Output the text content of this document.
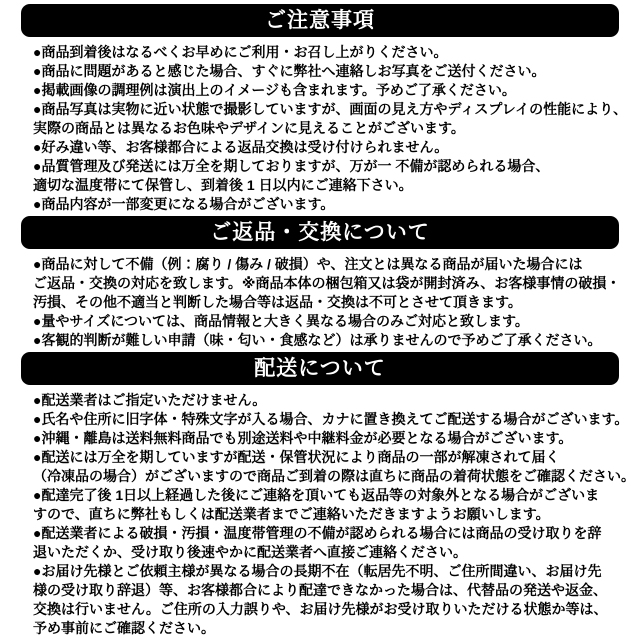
ご注意事項
●商品到着後はなるべくお早めにご利用・お召し上がりください。
●商品に問題があると感じた場合、すぐに弊社へ連絡しお写真をご送付ください。
●掲載画像の調理例は演出上のイメージも含まれます。予めご了承ください。
●商品写真は実物に近い状態で撮影していますが、画面の見え方やディスプレイの性能により、
実際の商品とは異なるお色味やデザインに見えることがございます。
●好み違い等、お客様都合による返品交換は受け付けられません。
●品質管理及び発送には万全を期しておりますが、万が一 不備が認められる場合、
適切な温度帯にて保管し、到着後 1 日以内にご連絡下さい。
●商品内容が一部変更になる場合がございます。
ご返品・交換について
●商品に対して不備（例：腐り / 傷み / 破損）や、注文とは異なる商品が届いた場合には
ご返品・交換の対応を致します。※商品本体の梱包箱又は袋が開封済み、お客様事情の破損・
汚損、その他不適当と判断した場合等は返品・交換は不可とさせて頂きます。
●量やサイズについては、商品情報と大きく異なる場合のみご対応と致します。
●客観的判断が難しい申請（味・匂い・食感など）は承りませんので予めご了承ください。
配送について
●配送業者はご指定いただけません。
●氏名や住所に旧字体・特殊文字が入る場合、カナに置き換えてご配送する場合がございます。
●沖縄・離島は送料無料商品でも別途送料や中継料金が必要となる場合がございます。
●配送には万全を期していますが配送・保管状況により商品の一部が解凍されて届く
（冷凍品の場合）がございますので商品ご到着の際は直ちに商品の着荷状態をご確認ください。
●配達完了後 1日以上経過した後にご連絡を頂いても返品等の対象外となる場合がございま
すので、直ちに弊社もしくは配送業者までご連絡いただきますようお願いします。
●配送業者による破損・汚損・温度帯管理の不備が認められる場合には商品の受け取りを辞
退いただくか、受け取り後速やかに配送業者へ直接ご連絡ください。
●お届け先様とご依頼主様が異なる場合の長期不在（転居先不明、ご住所間違い、お届け先
様の受け取り辞退）等、お客様都合により配達できなかった場合は、代替品の発送や返金、
交換は行いません。ご住所の入力誤りや、お届け先様がお受け取りいただける状態か等は、
予め事前にご確認ください。
